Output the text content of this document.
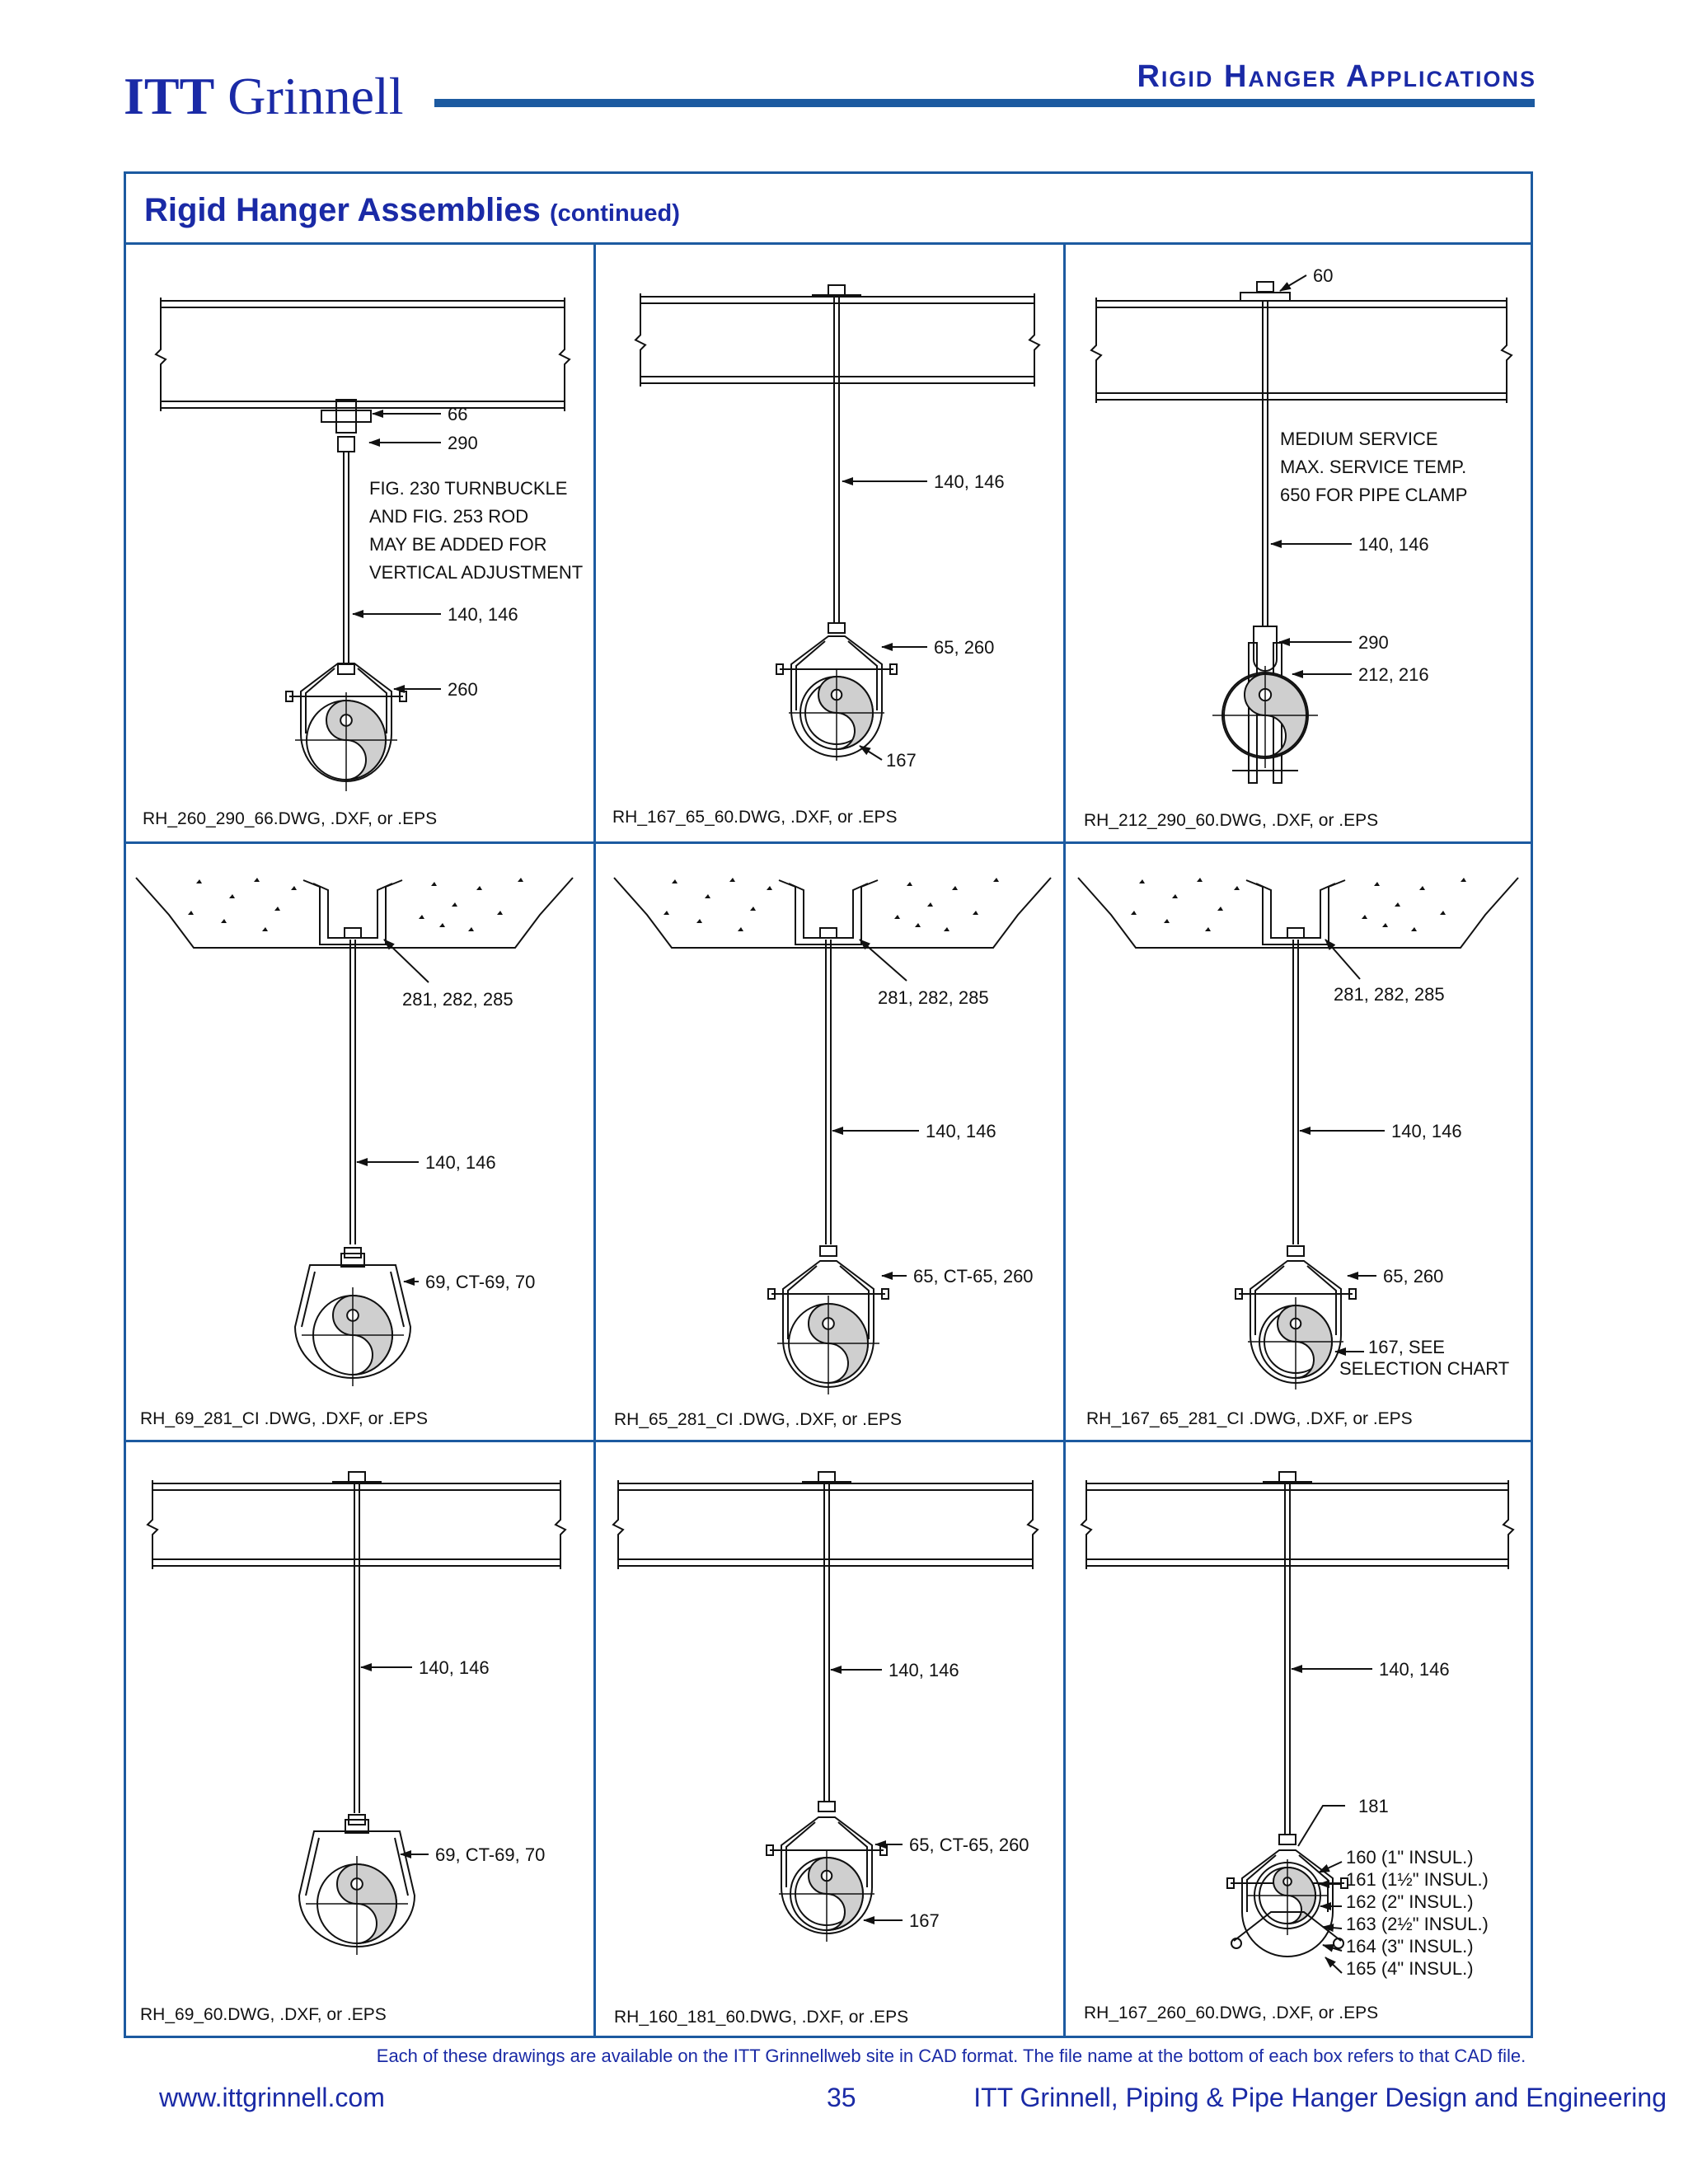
ITT Grinnell	Rigid Hanger Applications
Rigid Hanger Assemblies (continued)
66
290
FIG. 230 TURNBUCKLE
AND FIG. 253 ROD
MAY BE ADDED FOR
VERTICAL ADJUSTMENT
140, 146
260
RH_260_290_66.DWG, .DXF, or .EPS
140, 146
65, 260
167
RH_167_65_60.DWG, .DXF, or .EPS
60
MEDIUM SERVICE
MAX. SERVICE TEMP.
650 FOR PIPE CLAMP
140, 146
290
212, 216
RH_212_290_60.DWG, .DXF, or .EPS
281, 282, 285
140, 146
69, CT-69, 70
RH_69_281_CI .DWG, .DXF, or .EPS
281, 282, 285
140, 146
65, CT-65, 260
RH_65_281_CI .DWG, .DXF, or .EPS
281, 282, 285
140, 146
65, 260
167, SEE
SELECTION CHART
RH_167_65_281_CI .DWG, .DXF, or .EPS
140, 146
69, CT-69, 70
RH_69_60.DWG, .DXF, or .EPS
140, 146
65, CT-65, 260
167
RH_160_181_60.DWG, .DXF, or .EPS
140, 146
181
160 (1" INSUL.)
161 (1½" INSUL.)
162 (2" INSUL.)
163 (2½" INSUL.)
164 (3" INSUL.)
165 (4" INSUL.)
RH_167_260_60.DWG, .DXF, or .EPS
Each of these drawings are available on the ITT Grinnellweb site in CAD format. The file name at the bottom of each box refers to that CAD file.
www.ittgrinnell.com	35	ITT Grinnell, Piping & Pipe Hanger Design and Engineering
